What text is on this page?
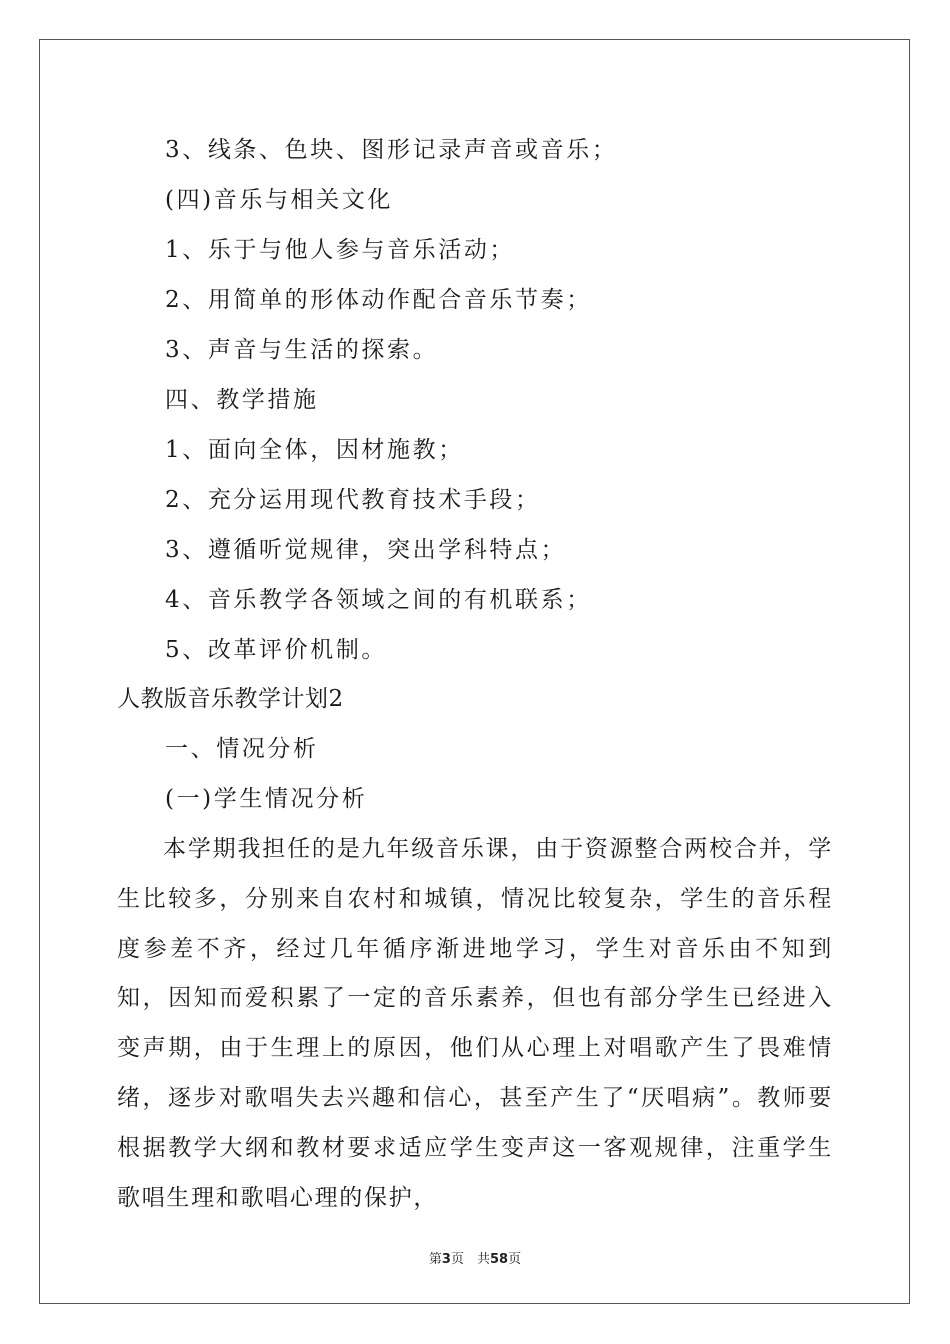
3、线条、色块、图形记录声音或音乐；
(四)音乐与相关文化
1、乐于与他人参与音乐活动；
2、用简单的形体动作配合音乐节奏；
3、声音与生活的探索。
四、教学措施
1、面向全体，因材施教；
2、充分运用现代教育技术手段；
3、遵循听觉规律，突出学科特点；
4、音乐教学各领域之间的有机联系；
5、改革评价机制。
人教版音乐教学计划2
一、情况分析
(一)学生情况分析
本学期我担任的是九年级音乐课，由于资源整合两校合并，学生比较多，分别来自农村和城镇，情况比较复杂，学生的音乐程度参差不齐，经过几年循序渐进地学习，学生对音乐由不知到知，因知而爱积累了一定的音乐素养，但也有部分学生已经进入变声期，由于生理上的原因，他们从心理上对唱歌产生了畏难情绪，逐步对歌唱失去兴趣和信心，甚至产生了“厌唱病”。教师要根据教学大纲和教材要求适应学生变声这一客观规律，注重学生歌唱生理和歌唱心理的保护，
第3页　共58页
